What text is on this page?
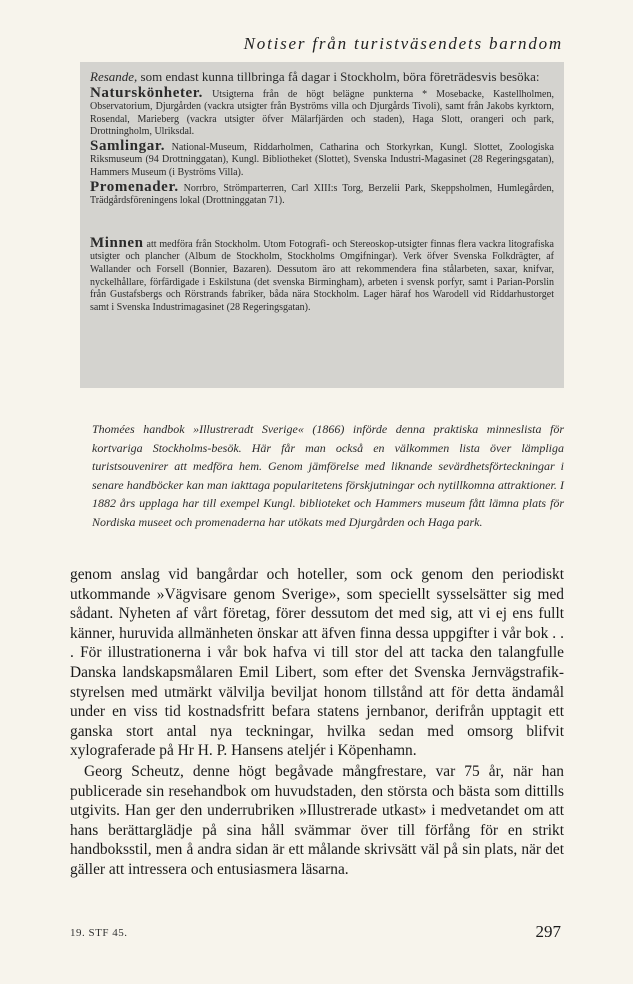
Notiser från turistväsendets barndom

Resande, som endast kunna tillbringa få dagar i Stockholm, böra företrädesvis besöka:

Naturskönheter. Utsigterna från de högt belägne punkterna * Mosebacke, Kastellholmen, Observatorium, Djurgården (vackra utsigter från Byströms villa och Djurgårds Tivoli), samt från Jakobs kyrktorn, Rosendal, Marieberg (vackra utsigter öfver Mälarfjärden och staden), Haga Slott, orangeri och park, Drottningholm, Ulriksdal.

Samlingar. National-Museum, Riddarholmen, Catharina och Storkyrkan, Kungl. Slottet, Zoologiska Riksmuseum (94 Drottninggatan), Kungl. Bibliotheket (Slottet), Svenska Industri-Magasinet (28 Regeringsgatan), Hammers Museum (i Byströms Villa).

Promenader. Norrbro, Strömparterren, Carl XIII:s Torg, Berzelii Park, Skeppsholmen, Humlegården, Trädgårdsföreningens lokal (Drottninggatan 71).

Minnen att medföra från Stockholm. Utom Fotografi- och Stereoskop-utsigter finnas flera vackra litografiska utsigter och plancher (Album de Stockholm, Stockholms Omgifningar). Verk öfver Svenska Folkdrägter, af Wallander och Forsell (Bonnier, Bazaren). Dessutom äro att rekommendera fina stålarbeten, saxar, knifvar, nyckelhållare, förfärdigade i Eskilstuna (det svenska Birmingham), arbeten i svensk porfyr, samt i Parian-Porslin från Gustafsbergs och Rörstrands fabriker, båda nära Stockholm. Lager häraf hos Warodell vid Riddarhustorget samt i Svenska Industrimagasinet (28 Regeringsgatan).

Thomées handbok »Illustreradt Sverige« (1866) införde denna praktiska minneslista för kortvariga Stockholms-besök. Här får man också en välkommen lista över lämpliga turistsouvenirer att medföra hem. Genom jämförelse med liknande sevärdhetsförteckningar i senare handböcker kan man iakttaga popularitetens förskjutningar och nytillkomna attraktioner. I 1882 års upplaga har till exempel Kungl. biblioteket och Hammers museum fått lämna plats för Nordiska museet och promenaderna har utökats med Djurgården och Haga park.

genom anslag vid bangårdar och hoteller, som ock genom den periodiskt utkommande »Vägvisare genom Sverige», som speciellt sysselsätter sig med sådant. Nyheten af vårt företag, förer dessutom det med sig, att vi ej ens fullt känner, huruvida allmänheten önskar att äfven finna dessa uppgifter i vår bok . . . För illustrationerna i vår bok hafva vi till stor del att tacka den talangfulle Danska landskapsmålaren Emil Libert, som efter det Svenska Jernvägstrafik-styrelsen med utmärkt välvilja beviljat honom tillstånd att för detta ändamål under en viss tid kostnadsfritt befara statens jernbanor, derifrån upptagit ett ganska stort antal nya teckningar, hvilka sedan med omsorg blifvit xylograferade på Hr H. P. Hansens ateljér i Köpenhamn.

Georg Scheutz, denne högt begåvade mångfrestare, var 75 år, när han publicerade sin resehandbok om huvudstaden, den största och bästa som dittills utgivits. Han ger den underrubriken »Illustrerade utkast» i medvetandet om att hans berättarglädje på sina håll svämmar över till förfång för en strikt handboksstil, men å andra sidan är ett målande skrivsätt väl på sin plats, när det gäller att intressera och entusiasmera läsarna.

19. STF 45.	297
